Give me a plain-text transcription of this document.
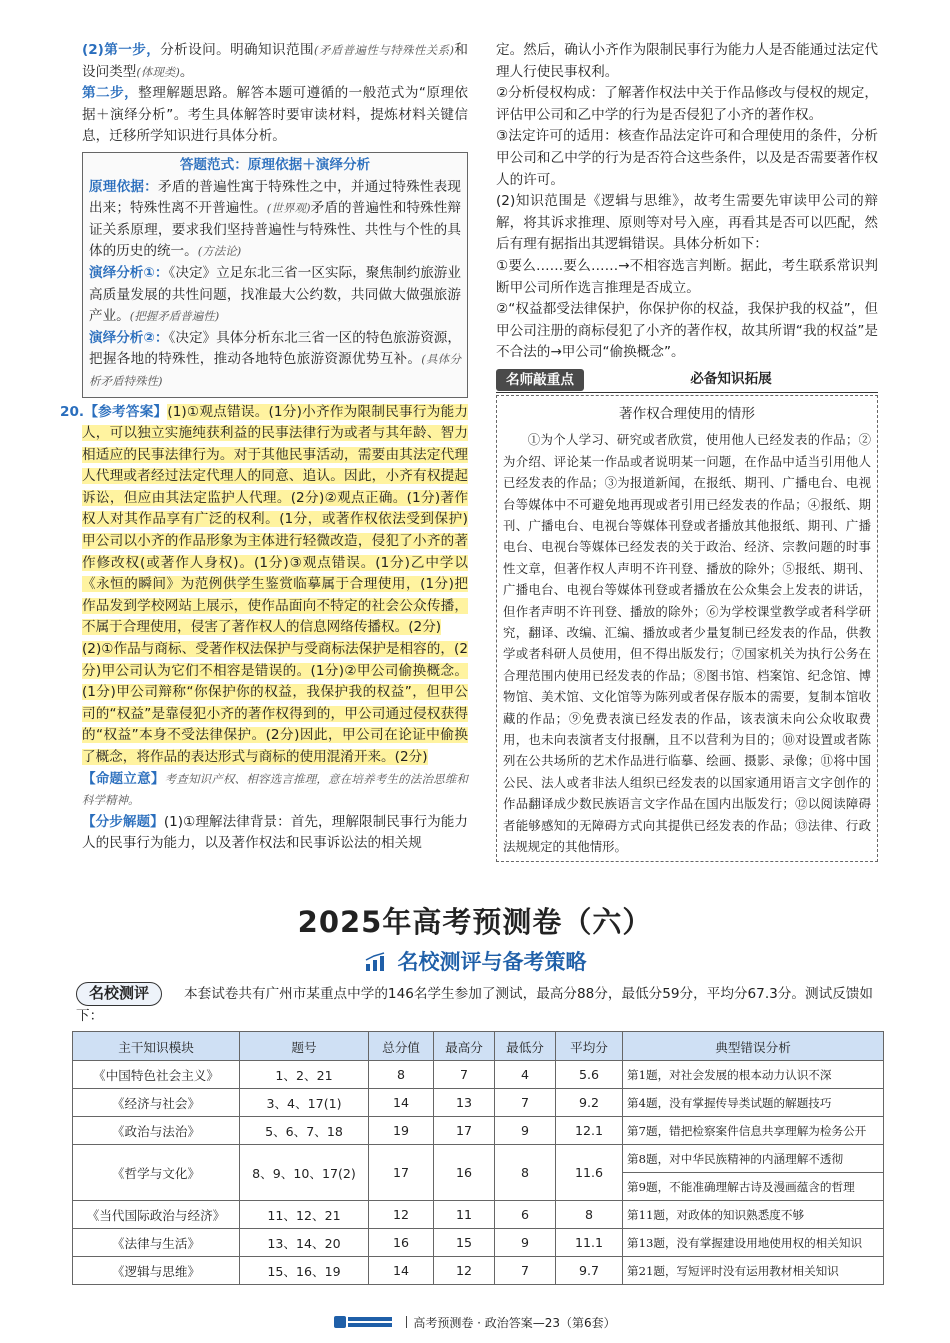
(2)第一步，分析设问。明确知识范围(矛盾普遍性与特殊性关系)和设问类型(体现类)。

第二步，整理解题思路。解答本题可遵循的一般范式为“原理依据＋演绎分析”。考生具体解答时要审读材料，提炼材料关键信息，迁移所学知识进行具体分析。

答题范式：原理依据＋演绎分析

原理依据：矛盾的普遍性寓于特殊性之中，并通过特殊性表现出来；特殊性离不开普遍性。(世界观)矛盾的普遍性和特殊性辩证关系原理，要求我们坚持普遍性与特殊性、共性与个性的具体的历史的统一。(方法论)

演绎分析①：《决定》立足东北三省一区实际，聚焦制约旅游业高质量发展的共性问题，找准最大公约数，共同做大做强旅游产业。(把握矛盾普遍性)

演绎分析②：《决定》具体分析东北三省一区的特色旅游资源，把握各地的特殊性，推动各地特色旅游资源优势互补。(具体分析矛盾特殊性)

20.【参考答案】(1)①观点错误。(1分)小齐作为限制民事行为能力人，可以独立实施纯获利益的民事法律行为或者与其年龄、智力相适应的民事法律行为。对于其他民事活动，需要由其法定代理人代理或者经过法定代理人的同意、追认。因此，小齐有权提起诉讼，但应由其法定监护人代理。(2分)②观点正确。(1分)著作权人对其作品享有广泛的权利。(1分，或著作权依法受到保护)甲公司以小齐的作品形象为主体进行轻微改造，侵犯了小齐的著作修改权(或著作人身权)。(1分)③观点错误。(1分)乙中学以《永恒的瞬间》为范例供学生鉴赏临摹属于合理使用，(1分)把作品发到学校网站上展示，使作品面向不特定的社会公众传播，不属于合理使用，侵害了著作权人的信息网络传播权。(2分)

(2)①作品与商标、受著作权法保护与受商标法保护是相容的，(2分)甲公司认为它们不相容是错误的。(1分)②甲公司偷换概念。(1分)甲公司辩称“你保护你的权益，我保护我的权益”，但甲公司的“权益”是靠侵犯小齐的著作权得到的，甲公司通过侵权获得的“权益”本身不受法律保护。(2分)因此，甲公司在论证中偷换了概念，将作品的表达形式与商标的使用混淆开来。(2分)

【命题立意】考查知识产权、相容选言推理，意在培养考生的法治思维和科学精神。

【分步解题】(1)①理解法律背景：首先，理解限制民事行为能力人的民事行为能力，以及著作权法和民事诉讼法的相关规

定。然后，确认小齐作为限制民事行为能力人是否能通过法定代理人行使民事权利。

②分析侵权构成：了解著作权法中关于作品修改与侵权的规定，评估甲公司和乙中学的行为是否侵犯了小齐的著作权。

③法定许可的适用：核查作品法定许可和合理使用的条件，分析甲公司和乙中学的行为是否符合这些条件，以及是否需要著作权人的许可。

(2)知识范围是《逻辑与思维》，故考生需要先审读甲公司的辩解，将其诉求推理、原则等对号入座，再看其是否可以匹配，然后有理有据指出其逻辑错误。具体分析如下：

①要么……要么……→不相容选言判断。据此，考生联系常识判断甲公司所作选言推理是否成立。

②“权益都受法律保护，你保护你的权益，我保护我的权益”，但甲公司注册的商标侵犯了小齐的著作权，故其所谓“我的权益”是不合法的→甲公司“偷换概念”。

名师敲重点	必备知识拓展
著作权合理使用的情形

①为个人学习、研究或者欣赏，使用他人已经发表的作品；②为介绍、评论某一作品或者说明某一问题，在作品中适当引用他人已经发表的作品；③为报道新闻，在报纸、期刊、广播电台、电视台等媒体中不可避免地再现或者引用已经发表的作品；④报纸、期刊、广播电台、电视台等媒体刊登或者播放其他报纸、期刊、广播电台、电视台等媒体已经发表的关于政治、经济、宗教问题的时事性文章，但著作权人声明不许刊登、播放的除外；⑤报纸、期刊、广播电台、电视台等媒体刊登或者播放在公众集会上发表的讲话，但作者声明不许刊登、播放的除外；⑥为学校课堂教学或者科学研究，翻译、改编、汇编、播放或者少量复制已经发表的作品，供教学或者科研人员使用，但不得出版发行；⑦国家机关为执行公务在合理范围内使用已经发表的作品；⑧图书馆、档案馆、纪念馆、博物馆、美术馆、文化馆等为陈列或者保存版本的需要，复制本馆收藏的作品；⑨免费表演已经发表的作品，该表演未向公众收取费用，也未向表演者支付报酬，且不以营利为目的；⑩对设置或者陈列在公共场所的艺术作品进行临摹、绘画、摄影、录像；⑪将中国公民、法人或者非法人组织已经发表的以国家通用语言文字创作的作品翻译成少数民族语言文字作品在国内出版发行；⑫以阅读障碍者能够感知的无障碍方式向其提供已经发表的作品；⑬法律、行政法规规定的其他情形。

2025年高考预测卷（六）
名校测评与备考策略
名校测评	本套试卷共有广州市某重点中学的146名学生参加了测试，最高分88分，最低分59分，平均分67.3分。测试反馈如下：
主干知识模块	题号	总分值	最高分	最低分	平均分	典型错误分析
《中国特色社会主义》	1、2、21	8	7	4	5.6	第1题，对社会发展的根本动力认识不深
《经济与社会》	3、4、17(1)	14	13	7	9.2	第4题，没有掌握传导类试题的解题技巧
《政治与法治》	5、6、7、18	19	17	9	12.1	第7题，错把检察案件信息共享理解为检务公开
《哲学与文化》	8、9、10、17(2)	17	16	8	11.6	第8题，对中华民族精神的内涵理解不透彻
						第9题，不能准确理解古诗及漫画蕴含的哲理
《当代国际政治与经济》	11、12、21	12	11	6	8	第11题，对政体的知识熟悉度不够
《法律与生活》	13、14、20	16	15	9	11.1	第13题，没有掌握建设用地使用权的相关知识
《逻辑与思维》	15、16、19	14	12	7	9.7	第21题，写短评时没有运用教材相关知识
高考预测卷 · 政治答案—23（第6套）
